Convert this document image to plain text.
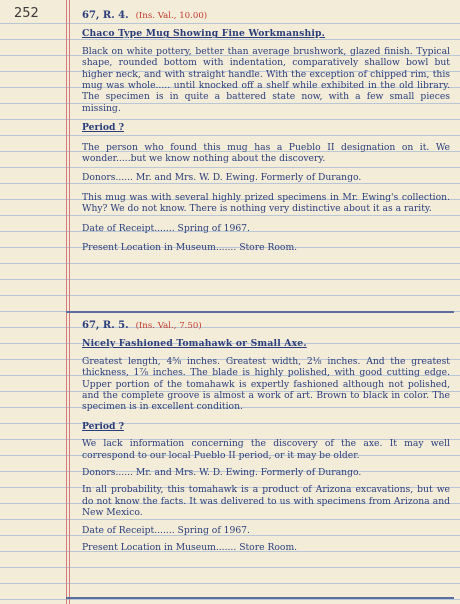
252	67, R. 4. (Ins. Val., 10.00)
Chaco Type Mug Showing Fine Workmanship.
Black on white pottery, better than average brushwork, glazed finish. Typical shape, rounded bottom with indentation, comparatively shallow bowl but higher neck, and with straight handle. With the exception of chipped rim, this mug was whole..... until knocked off a shelf while exhibited in the old library. The specimen is in quite a battered state now, with a few small pieces missing.
Period ?
The person who found this mug has a Pueblo II designation on it. We wonder.....but we know nothing about the discovery.
Donors...... Mr. and Mrs. W. D. Ewing. Formerly of Durango.
This mug was with several highly prized specimens in Mr. Ewing's collection. Why? We do not know. There is nothing very distinctive about it as a rarity.
Date of Receipt....... Spring of 1967.
Present Location in Museum....... Store Room.
67, R. 5. (Ins. Val., 7.50)
Nicely Fashioned Tomahawk or Small Axe.
Greatest length, 4⅝ inches. Greatest width, 2⅛ inches. And the greatest thickness, 1⅞ inches. The blade is highly polished, with good cutting edge. Upper portion of the tomahawk is expertly fashioned although not polished, and the complete groove is almost a work of art. Brown to black in color. The specimen is in excellent condition.
Period ?
We lack information concerning the discovery of the axe. It may well correspond to our local Pueblo II period, or it may be older.
Donors...... Mr. and Mrs. W. D. Ewing. Formerly of Durango.
In all probability, this tomahawk is a product of Arizona excavations, but we do not know the facts. It was delivered to us with specimens from Arizona and New Mexico.
Date of Receipt....... Spring of 1967.
Present Location in Museum....... Store Room.
